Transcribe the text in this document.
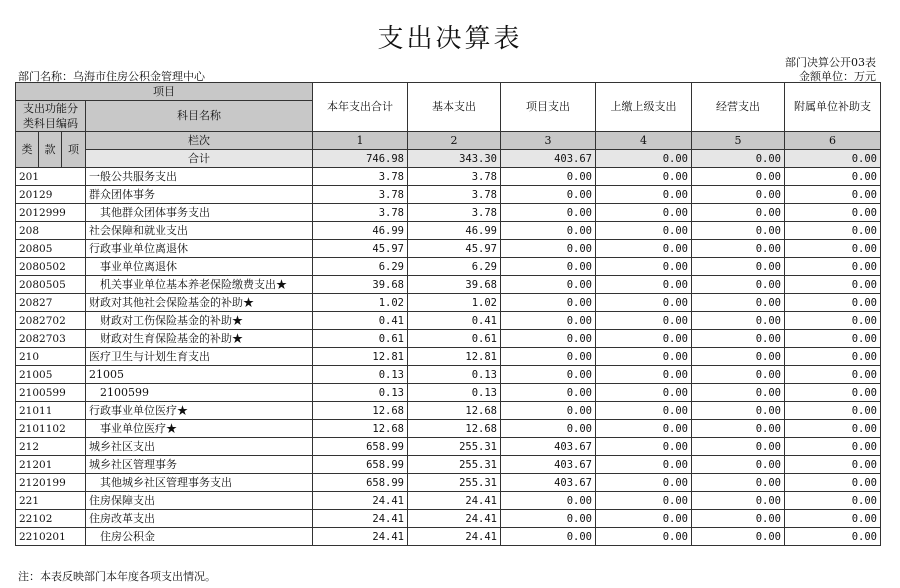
支出决算表
部门决算公开03表
部门名称：乌海市住房公积金管理中心	金额单位：万元
项目				本年支出合计	基本支出	项目支出	上缴上级支出	经营支出	附属单位补助支
支出功能分类科目编码			科目名称						

类	款	项	栏次	1	2	3	4	5	6
			合计	746.98	343.30	403.67	0.00	0.00	0.00
201			一般公共服务支出	3.78	3.78	0.00	0.00	0.00	0.00
20129			群众团体事务	3.78	3.78	0.00	0.00	0.00	0.00
2012999			其他群众团体事务支出	3.78	3.78	0.00	0.00	0.00	0.00
208			社会保障和就业支出	46.99	46.99	0.00	0.00	0.00	0.00
20805			行政事业单位离退休	45.97	45.97	0.00	0.00	0.00	0.00
2080502			事业单位离退休	6.29	6.29	0.00	0.00	0.00	0.00
2080505			机关事业单位基本养老保险缴费支出★	39.68	39.68	0.00	0.00	0.00	0.00
20827			财政对其他社会保险基金的补助★	1.02	1.02	0.00	0.00	0.00	0.00
2082702			财政对工伤保险基金的补助★	0.41	0.41	0.00	0.00	0.00	0.00
2082703			财政对生育保险基金的补助★	0.61	0.61	0.00	0.00	0.00	0.00
210			医疗卫生与计划生育支出	12.81	12.81	0.00	0.00	0.00	0.00
21005			21005	0.13	0.13	0.00	0.00	0.00	0.00
2100599			2100599	0.13	0.13	0.00	0.00	0.00	0.00
21011			行政事业单位医疗★	12.68	12.68	0.00	0.00	0.00	0.00
2101102			事业单位医疗★	12.68	12.68	0.00	0.00	0.00	0.00
212			城乡社区支出	658.99	255.31	403.67	0.00	0.00	0.00
21201			城乡社区管理事务	658.99	255.31	403.67	0.00	0.00	0.00
2120199			其他城乡社区管理事务支出	658.99	255.31	403.67	0.00	0.00	0.00
221			住房保障支出	24.41	24.41	0.00	0.00	0.00	0.00
22102			住房改革支出	24.41	24.41	0.00	0.00	0.00	0.00
2210201			住房公积金	24.41	24.41	0.00	0.00	0.00	0.00
注：本表反映部门本年度各项支出情况。
